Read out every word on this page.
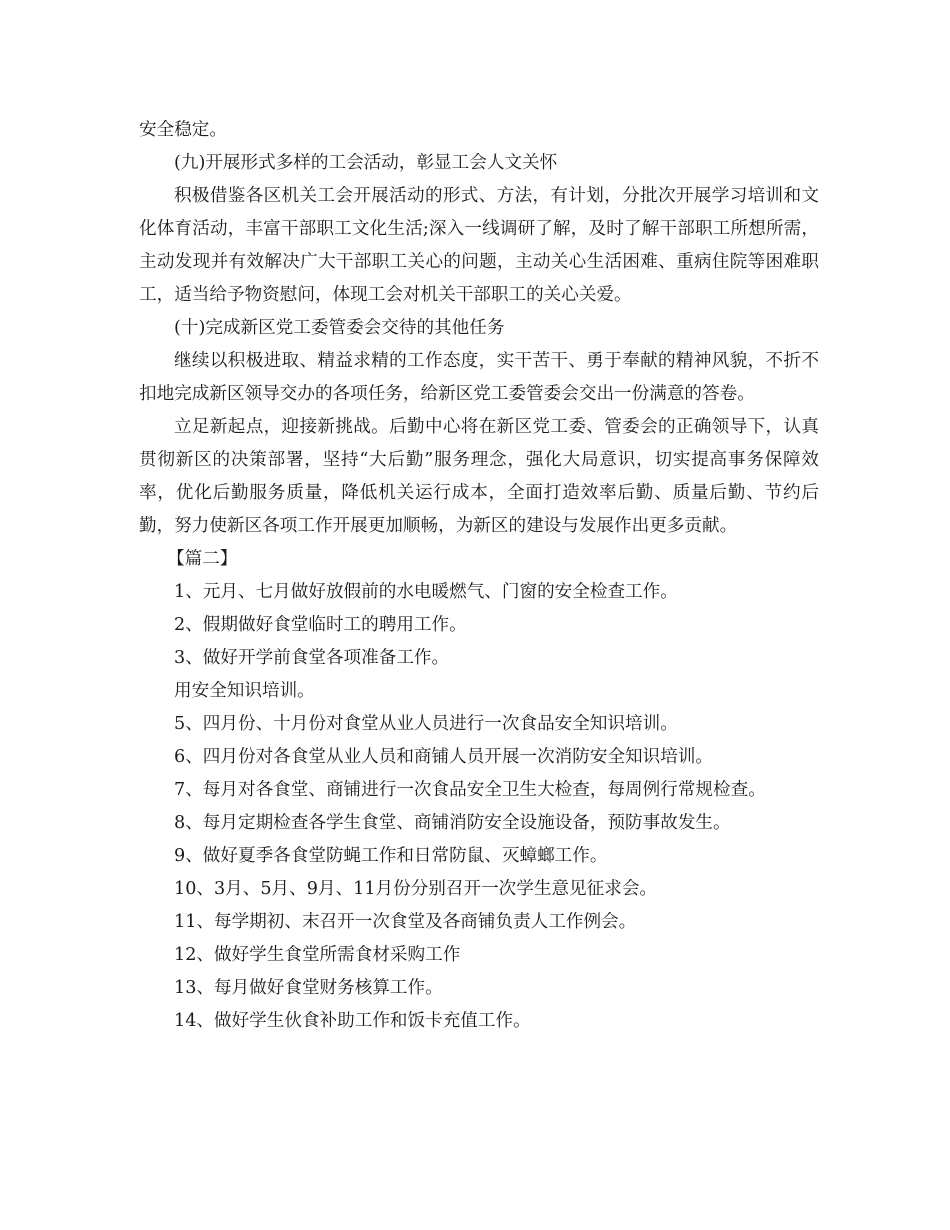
安全稳定。

(九)开展形式多样的工会活动，彰显工会人文关怀

积极借鉴各区机关工会开展活动的形式、方法，有计划，分批次开展学习培训和文化体育活动，丰富干部职工文化生活;深入一线调研了解，及时了解干部职工所想所需，主动发现并有效解决广大干部职工关心的问题，主动关心生活困难、重病住院等困难职工，适当给予物资慰问，体现工会对机关干部职工的关心关爱。

(十)完成新区党工委管委会交待的其他任务

继续以积极进取、精益求精的工作态度，实干苦干、勇于奉献的精神风貌，不折不扣地完成新区领导交办的各项任务，给新区党工委管委会交出一份满意的答卷。

立足新起点，迎接新挑战。后勤中心将在新区党工委、管委会的正确领导下，认真贯彻新区的决策部署，坚持“大后勤”服务理念，强化大局意识，切实提高事务保障效率，优化后勤服务质量，降低机关运行成本，全面打造效率后勤、质量后勤、节约后勤，努力使新区各项工作开展更加顺畅，为新区的建设与发展作出更多贡献。

【篇二】

1、元月、七月做好放假前的水电暖燃气、门窗的安全检查工作。
2、假期做好食堂临时工的聘用工作。
3、做好开学前食堂各项准备工作。
用安全知识培训。
5、四月份、十月份对食堂从业人员进行一次食品安全知识培训。
6、四月份对各食堂从业人员和商铺人员开展一次消防安全知识培训。
7、每月对各食堂、商铺进行一次食品安全卫生大检查，每周例行常规检查。
8、每月定期检查各学生食堂、商铺消防安全设施设备，预防事故发生。
9、做好夏季各食堂防蝇工作和日常防鼠、灭蟑螂工作。
10、3月、5月、9月、11月份分别召开一次学生意见征求会。
11、每学期初、末召开一次食堂及各商铺负责人工作例会。
12、做好学生食堂所需食材采购工作
13、每月做好食堂财务核算工作。
14、做好学生伙食补助工作和饭卡充值工作。
